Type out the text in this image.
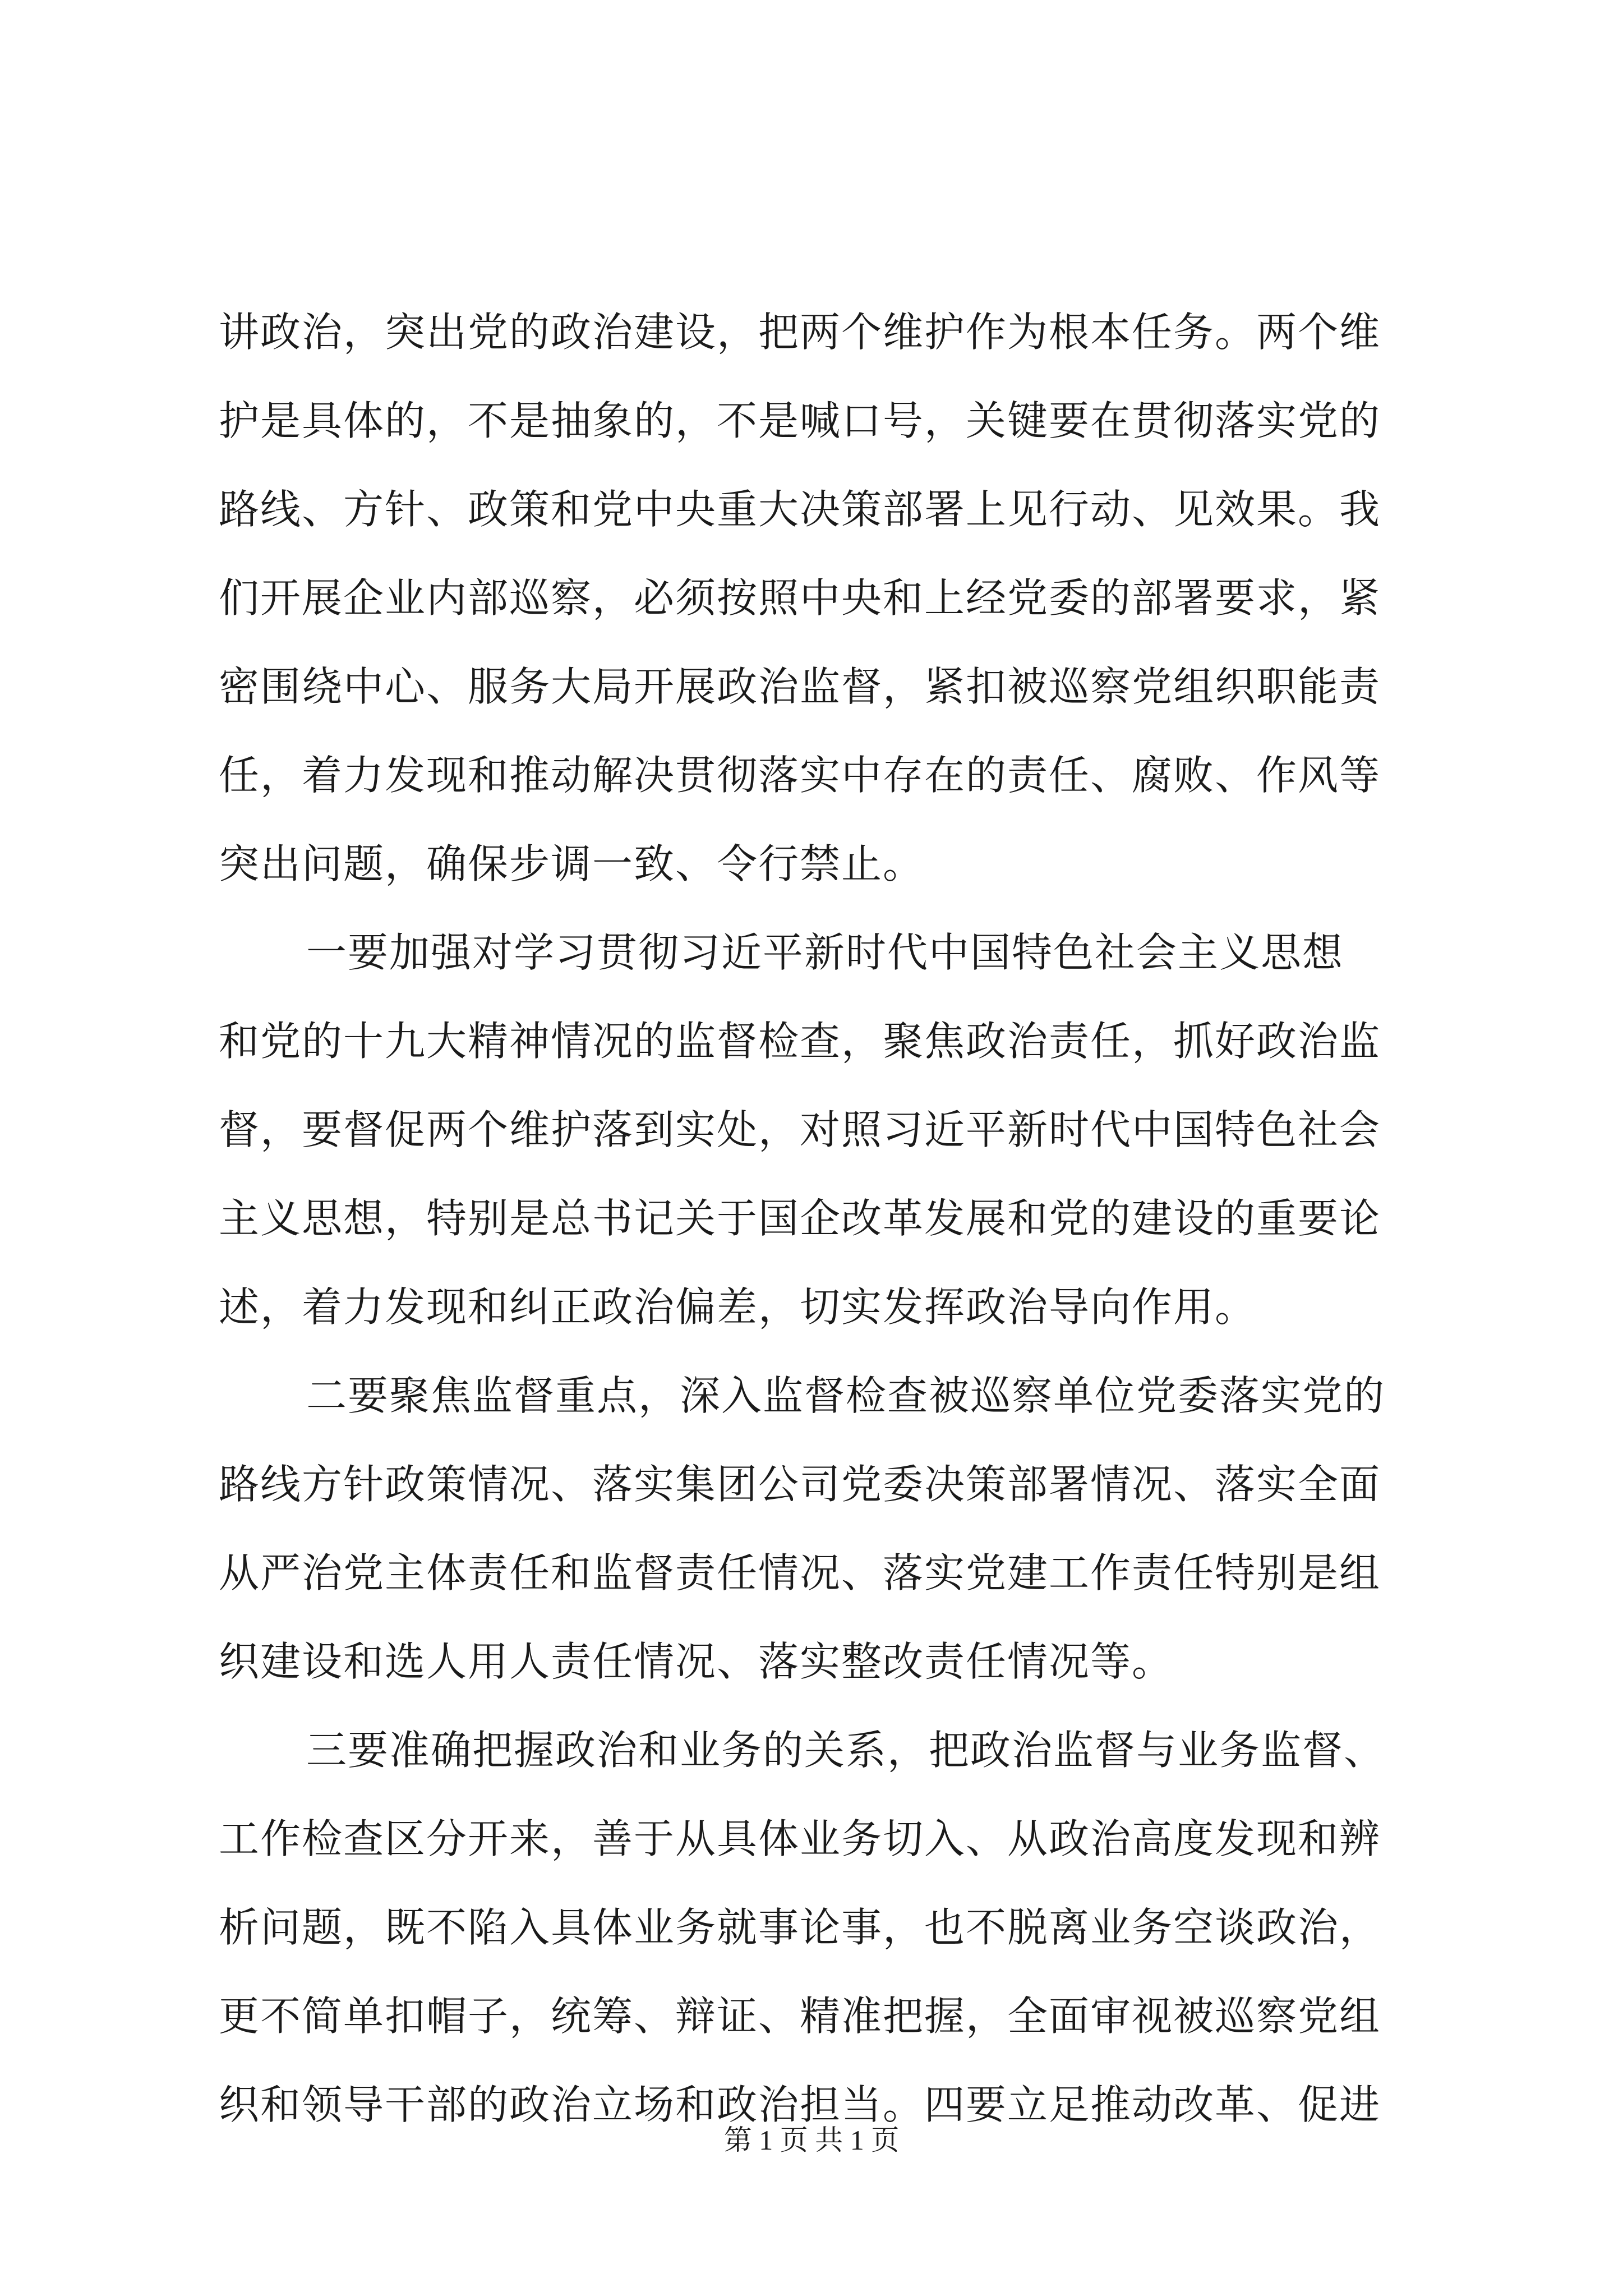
讲政治，突出党的政治建设，把两个维护作为根本任务。两个维
护是具体的，不是抽象的，不是喊口号，关键要在贯彻落实党的
路线、方针、政策和党中央重大决策部署上见行动、见效果。我
们开展企业内部巡察，必须按照中央和上经党委的部署要求，紧
密围绕中心、服务大局开展政治监督，紧扣被巡察党组织职能责
任，着力发现和推动解决贯彻落实中存在的责任、腐败、作风等
突出问题，确保步调一致、令行禁止。
一要加强对学习贯彻习近平新时代中国特色社会主义思想
和党的十九大精神情况的监督检查，聚焦政治责任，抓好政治监
督，要督促两个维护落到实处，对照习近平新时代中国特色社会
主义思想，特别是总书记关于国企改革发展和党的建设的重要论
述，着力发现和纠正政治偏差，切实发挥政治导向作用。
二要聚焦监督重点，深入监督检查被巡察单位党委落实党的
路线方针政策情况、落实集团公司党委决策部署情况、落实全面
从严治党主体责任和监督责任情况、落实党建工作责任特别是组
织建设和选人用人责任情况、落实整改责任情况等。
三要准确把握政治和业务的关系，把政治监督与业务监督、
工作检查区分开来，善于从具体业务切入、从政治高度发现和辨
析问题，既不陷入具体业务就事论事，也不脱离业务空谈政治，
更不简单扣帽子，统筹、辩证、精准把握，全面审视被巡察党组
织和领导干部的政治立场和政治担当。四要立足推动改革、促进
第 1 页 共 1 页
